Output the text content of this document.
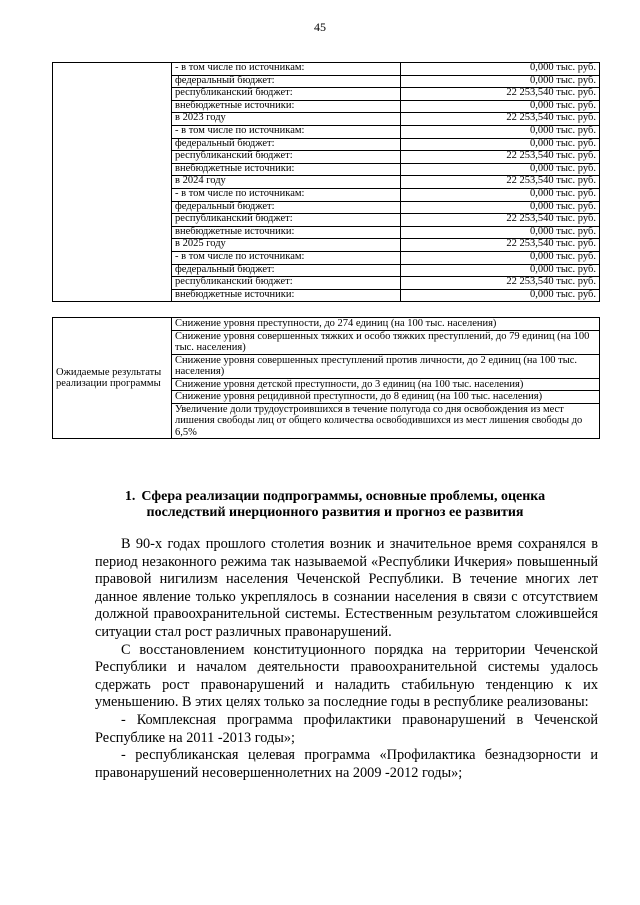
45
	- в том числе по источникам:	0,000 тыс. руб.
	федеральный бюджет:	0,000 тыс. руб.
	республиканский бюджет:	22 253,540 тыс. руб.
	внебюджетные источники:	0,000 тыс. руб.
	в 2023 году	22 253,540 тыс. руб.
	- в том числе по источникам:	0,000 тыс. руб.
	федеральный бюджет:	0,000 тыс. руб.
	республиканский бюджет:	22 253,540 тыс. руб.
	внебюджетные источники:	0,000 тыс. руб.
	в 2024 году	22 253,540 тыс. руб.
	- в том числе по источникам:	0,000 тыс. руб.
	федеральный бюджет:	0,000 тыс. руб.
	республиканский бюджет:	22 253,540 тыс. руб.
	внебюджетные источники:	0,000 тыс. руб.
	в 2025 году	22 253,540 тыс. руб.
	- в том числе по источникам:	0,000 тыс. руб.
	федеральный бюджет:	0,000 тыс. руб.
	республиканский бюджет:	22 253,540 тыс. руб.
	внебюджетные источники:	0,000 тыс. руб.
Ожидаемые результаты реализации программы	Снижение уровня преступности, до 274 единиц (на 100 тыс. населения)
Снижение уровня совершенных тяжких и особо тяжких преступлений, до 79 единиц (на 100 тыс. населения)
Снижение уровня совершенных преступлений против личности, до 2 единиц (на 100 тыс. населения)
Снижение уровня детской преступности, до 3 единиц (на 100 тыс. населения)
Снижение уровня рецидивной преступности, до 8 единиц (на 100 тыс. населения)
Увеличение доли трудоустроившихся в течение полугода со дня освобождения из мест лишения свободы лиц от общего количества освободившихся из мест лишения свободы до 6,5%
1. Сфера реализации подпрограммы, основные проблемы, оценка последствий инерционного развития и прогноз ее развития

В 90-х годах прошлого столетия возник и значительное время сохранялся в период незаконного режима так называемой «Республики Ичкерия» повышенный правовой нигилизм населения Чеченской Республики. В течение многих лет данное явление только укреплялось в сознании населения в связи с отсутствием должной правоохранительной системы. Естественным результатом сложившейся ситуации стал рост различных правонарушений.

С восстановлением конституционного порядка на территории Чеченской Республики и началом деятельности правоохранительной системы удалось сдержать рост правонарушений и наладить стабильную тенденцию к их уменьшению. В этих целях только за последние годы в республике реализованы:

- Комплексная программа профилактики правонарушений в Чеченской Республике на 2011 -2013 годы»;

- республиканская целевая программа «Профилактика безнадзорности и правонарушений несовершеннолетних на 2009 -2012 годы»;
